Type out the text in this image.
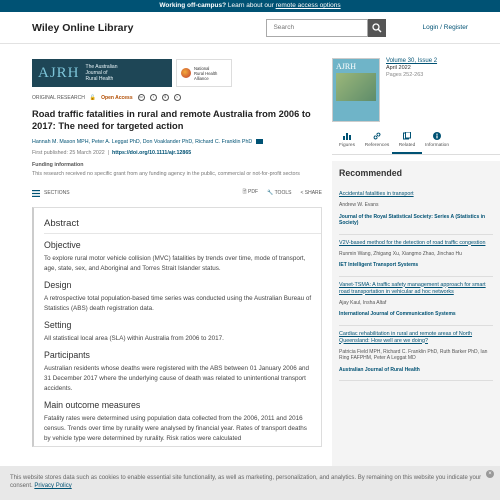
Working off-campus? Learn about our remote access options
Wiley Online Library
Search	Login / Register
AJRH The Australian
Journal of
Rural Health
National
Rural Health
Alliance
ORIGINAL RESEARCH 🔓 Open Access	cc	i	$	=
Road traffic fatalities in rural and remote Australia from 2006 to 2017: The need for targeted action
Hannah M. Mason MPH, Peter A. Leggat PhD, Don Voaklander PhD, Richard C. Franklin PhD
First published: 25 March 2022  |  https://doi.org/10.1111/ajr.12865
Funding information
This research received no specific grant from any funding agency in the public, commercial or not-for-profit sectors
SECTIONS	🗎 PDF 🔧 TOOLS < SHARE
Abstract
Objective

To explore rural motor vehicle collision (MVC) fatalities by trends over time, mode of transport, age, state, sex, and Aboriginal and Torres Strait Islander status.

Design

A retrospective total population-based time series was conducted using the Australian Bureau of Statistics (ABS) death registration data.

Setting

All statistical local area (SLA) within Australia from 2006 to 2017.

Participants

Australian residents whose deaths were registered with the ABS between 01 January 2006 and 31 December 2017 where the underlying cause of death was related to unintentional transport accidents.

Main outcome measures

Fatality rates were determined using population data collected from the 2006, 2011 and 2016 census. Trends over time by rurality were analysed by financial year. Rates of transport deaths by vehicle type were determined by rurality. Risk ratios were calculated

AJRH
Volume 30, Issue 2
April 2022
Pages 252-263
Figures	References	Related	Information
Recommended
Accidental fatalities in transport
Andrew W. Evans
Journal of the Royal Statistical Society: Series A (Statistics in Society)
V2V-based method for the detection of road traffic congestion
Runmin Wang, Zhigang Xu, Xiangmo Zhao, Jinchao Hu
IET Intelligent Transport Systems
Vanet-TSMA: A traffic safety management approach for smart road transportation in vehicular ad hoc networks
Ajay Kaul, Insha Altaf
International Journal of Communication Systems
Cardiac rehabilitation in rural and remote areas of North Queensland: How well are we doing?
Patricia Field MPH, Richard C. Franklin PhD, Ruth Barker PhD, Ian Ring FAFPHM, Peter A Leggat MD
Australian Journal of Rural Health
This website stores data such as cookies to enable essential site functionality, as well as marketing, personalization, and analytics. By remaining on this website you indicate your consent. Privacy Policy
×
